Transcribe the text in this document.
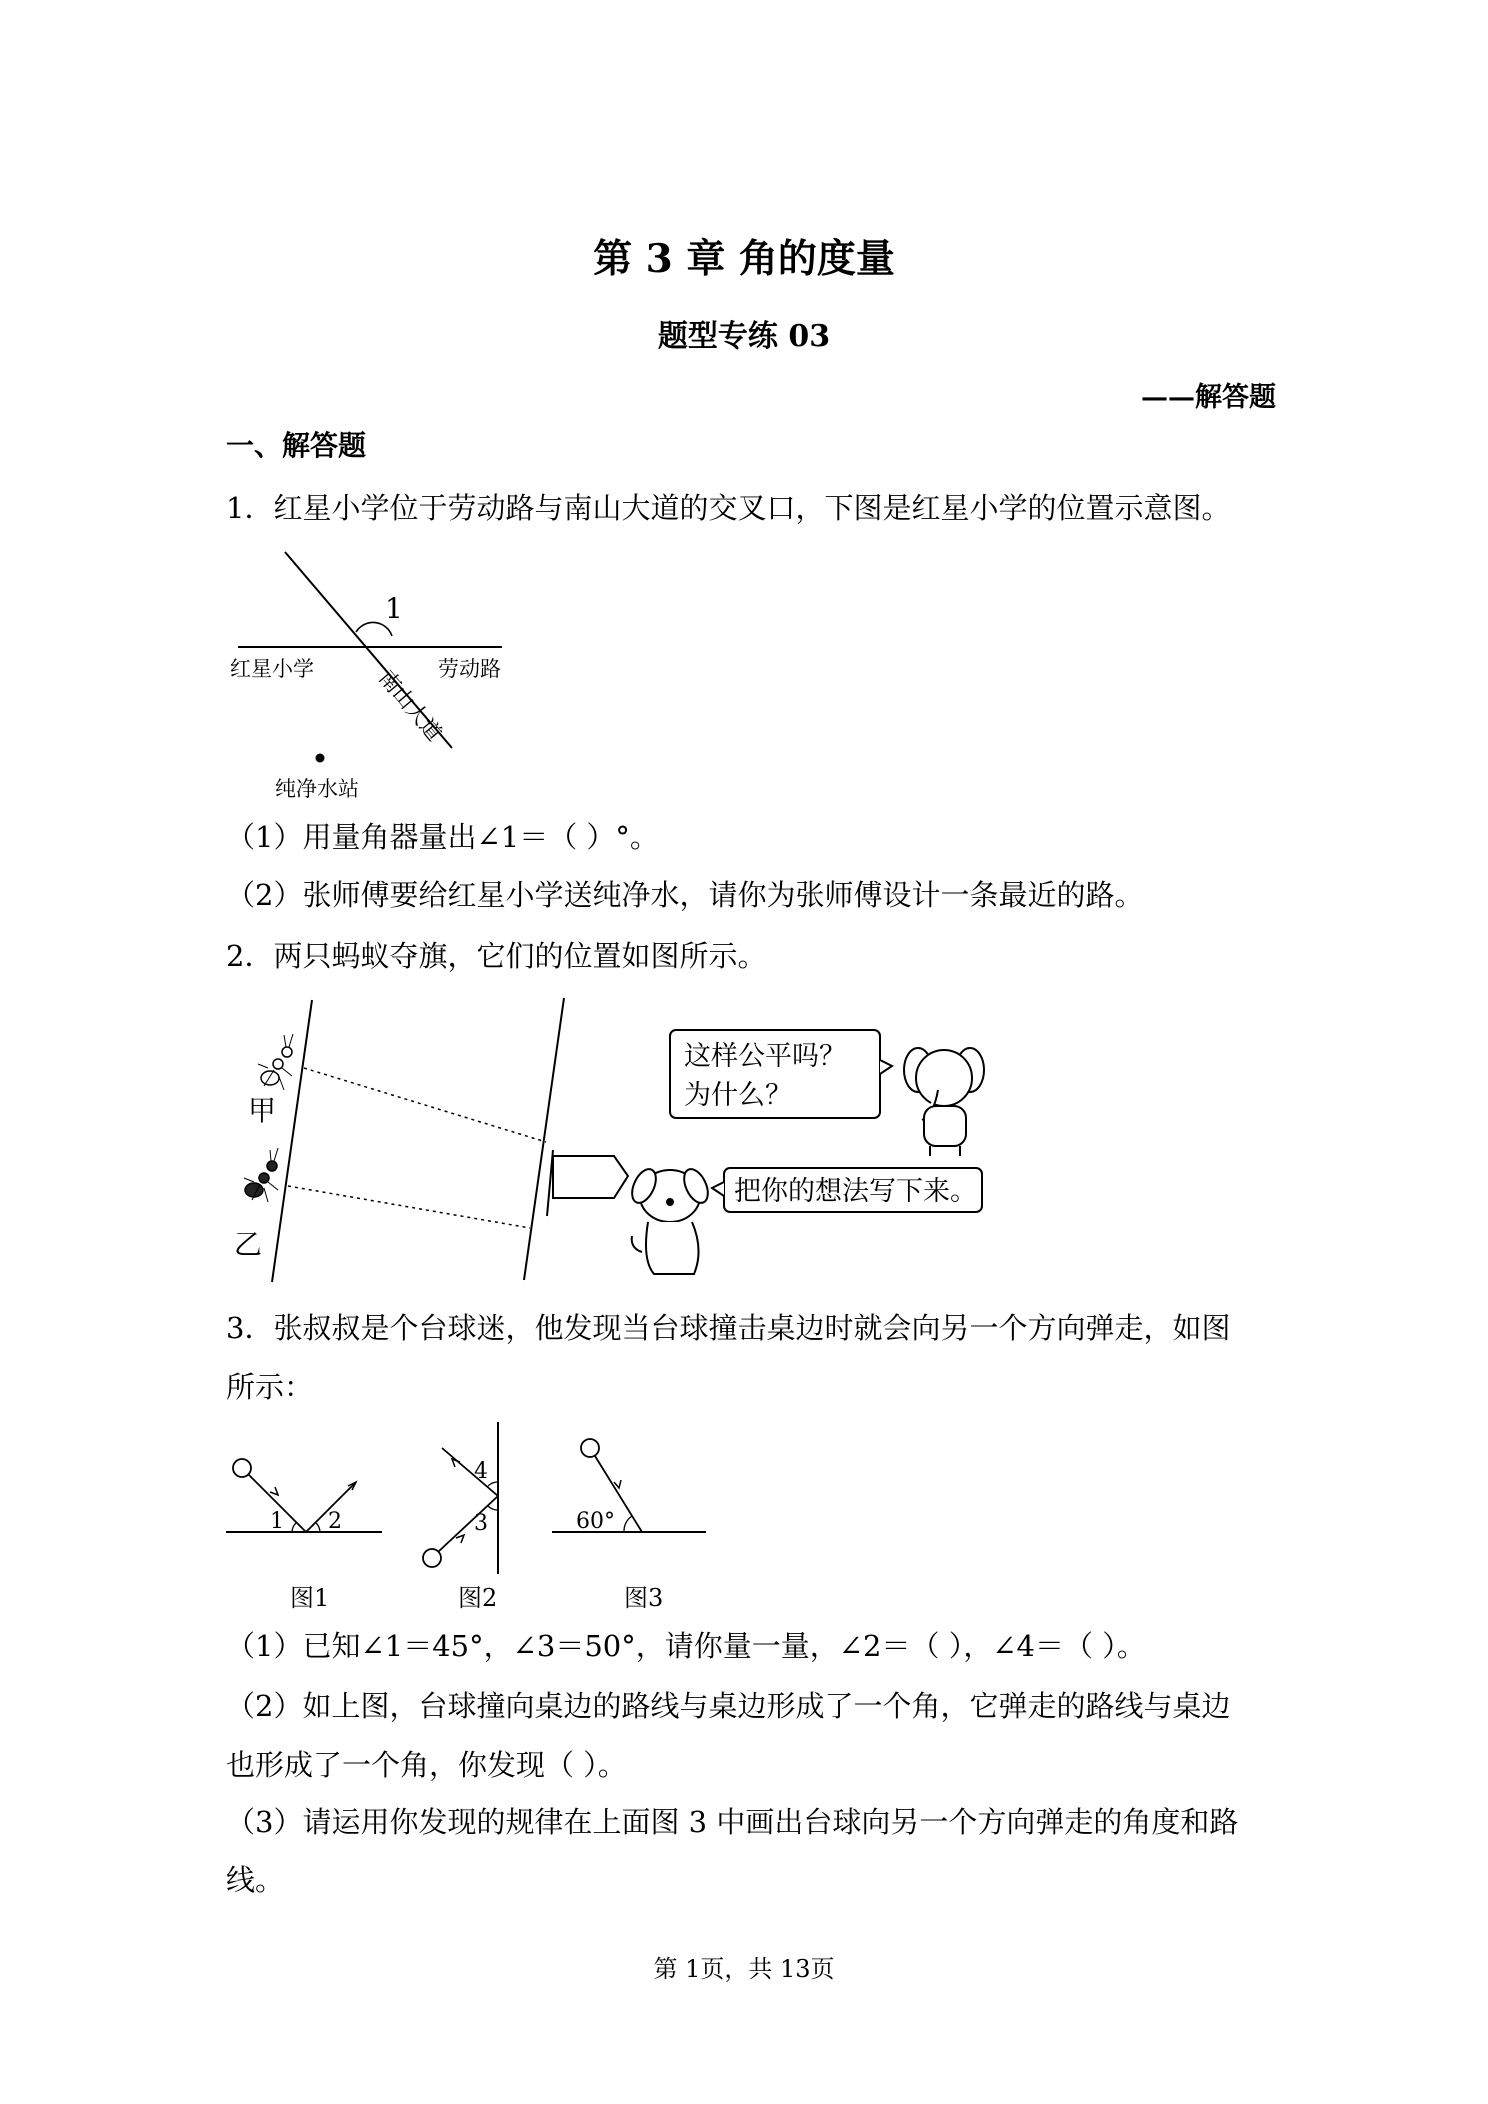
第 3 章 角的度量
题型专练 03
——解答题
一、解答题
1．红星小学位于劳动路与南山大道的交叉口，下图是红星小学的位置示意图。
1
红星小学	劳动路
南山大道
纯净水站
（1）用量角器量出∠1＝（ ）°。
（2）张师傅要给红星小学送纯净水，请你为张师傅设计一条最近的路。
2．两只蚂蚁夺旗，它们的位置如图所示。
甲
乙
这样公平吗？
为什么？
把你的想法写下来。
3．张叔叔是个台球迷，他发现当台球撞击桌边时就会向另一个方向弹走，如图
所示：
1 2
图1
3
4
图2
60°
图3
（1）已知∠1＝45°，∠3＝50°，请你量一量，∠2＝（ ），∠4＝（ ）。
（2）如上图，台球撞向桌边的路线与桌边形成了一个角，它弹走的路线与桌边
也形成了一个角，你发现（ ）。
（3）请运用你发现的规律在上面图 3 中画出台球向另一个方向弹走的角度和路
线。
第 1页，共 13页
